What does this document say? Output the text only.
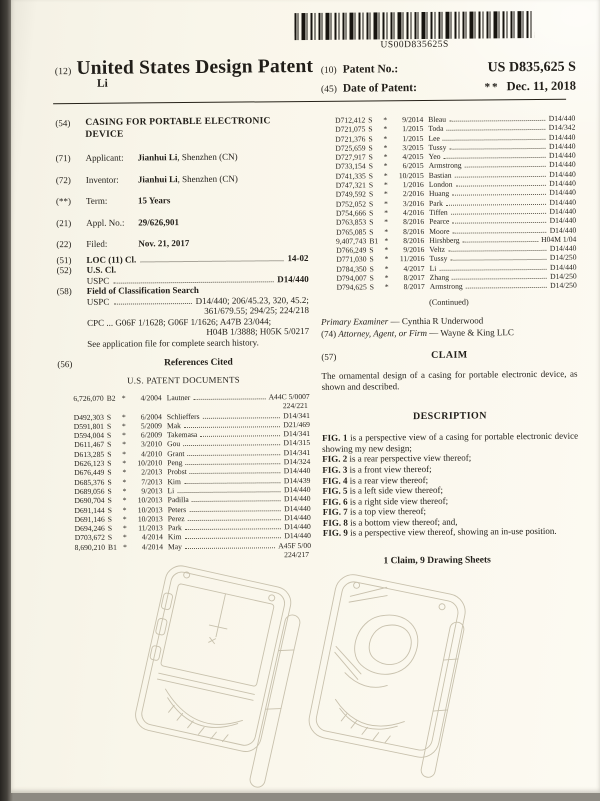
US00D835625S
(12) United States Design Patent
Li
(10) Patent No.:	US D835,625 S
(45) Date of Patent:	** Dec. 11, 2018
(54)	CASING FOR PORTABLE ELECTRONIC DEVICE
(71)	Applicant:	Jianhui Li, Shenzhen (CN)
(72)	Inventor:	Jianhui Li, Shenzhen (CN)
(**)	Term:	15 Years
(21)	Appl. No.:	29/626,901
(22)	Filed:	Nov. 21, 2017
(51)	LOC (11) Cl.	14-02
(52)	U.S. Cl.
USPC	D14/440
(58)	Field of Classification Search
USPC	D14/440; 206/45.23, 320, 45.2;
361/679.55; 294/25; 224/218
CPC ... G06F 1/1628; G06F 1/1626; A47B 23/044;
H04B 1/3888; H05K 5/0217
See application file for complete search history.
(56)	References Cited
U.S. PATENT DOCUMENTS
6,726,070 B2 *	4/2004 Lautner	A44C 5/0007
224/221
D492,303 S	*	6/2004 Schlieffers	D14/341
D591,801 S	*	5/2009 Mak	D21/469
D594,004 S	*	6/2009 Takemasa	D14/341
D611,467 S	*	3/2010 Gou	D14/315
D613,285 S	*	4/2010 Grant	D14/341
D626,123 S	*	10/2010 Peng	D14/324
D676,449 S	*	2/2013 Probst	D14/440
D685,376 S	*	7/2013 Kim	D14/439
D689,056 S	*	9/2013 Li	D14/440
D690,704 S	*	10/2013 Padilla	D14/440
D691,144 S	*	10/2013 Peters	D14/440
D691,146 S	*	10/2013 Perez	D14/440
D694,246 S	*	11/2013 Park	D14/440
D703,672 S	*	4/2014 Kim	D14/440
8,690,210 B1 *	4/2014 May	A45F 5/00
224/217
D712,412 S	*	9/2014 Bleau	D14/440
D721,075 S	*	1/2015 Toda	D14/342
D721,376 S	*	1/2015 Lee	D14/440
D725,659 S	*	3/2015 Tussy	D14/440
D727,917 S	*	4/2015 Yeo	D14/440
D733,154 S	*	6/2015 Armstrong	D14/440
D741,335 S	*	10/2015 Bastian	D14/440
D747,321 S	*	1/2016 London	D14/440
D749,592 S	*	2/2016 Huang	D14/440
D752,052 S	*	3/2016 Park	D14/440
D754,666 S	*	4/2016 Tiffen	D14/440
D763,853 S	*	8/2016 Pearce	D14/440
D765,085 S	*	8/2016 Moore	D14/440
9,407,743 B1 *	8/2016 Hirshberg	H04M 1/04
D766,249 S	*	9/2016 Veltz	D14/440
D771,030 S	*	11/2016 Tussy	D14/250
D784,350 S	*	4/2017 Li	D14/440
D794,007 S	*	8/2017 Zhang	D14/250
D794,625 S	*	8/2017 Armstrong	D14/250
(Continued)
Primary Examiner — Cynthia R Underwood
(74) Attorney, Agent, or Firm — Wayne & King LLC
(57)	CLAIM
The ornamental design of a casing for portable electronic device, as shown and described.
DESCRIPTION
FIG. 1 is a perspective view of a casing for portable electronic device showing my new design;
FIG. 2 is a rear perspective view thereof;
FIG. 3 is a front view thereof;
FIG. 4 is a rear view thereof;
FIG. 5 is a left side view thereof;
FIG. 6 is a right side view thereof;
FIG. 7 is a top view thereof;
FIG. 8 is a bottom view thereof; and,
FIG. 9 is a perspective view thereof, showing an in-use position.
1 Claim, 9 Drawing Sheets
